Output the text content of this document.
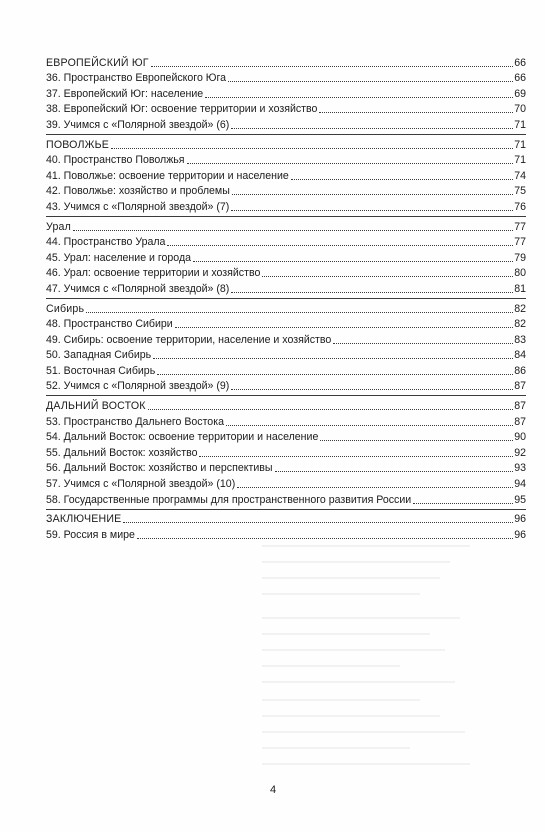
ЕВРОПЕЙСКИЙ ЮГ	66
36. Пространство Европейского Юга	66
37. Европейский Юг: население	69
38. Европейский Юг: освоение территории и хозяйство	70
39. Учимся с «Полярной звездой» (6)	71
ПОВОЛЖЬЕ	71
40. Пространство Поволжья	71
41. Поволжье: освоение территории и население	74
42. Поволжье: хозяйство и проблемы	75
43. Учимся с «Полярной звездой» (7)	76
Урал	77
44. Пространство Урала	77
45. Урал: население и города	79
46. Урал: освоение территории и хозяйство	80
47. Учимся с «Полярной звездой» (8)	81
Сибирь	82
48. Пространство Сибири	82
49. Сибирь: освоение территории, население и хозяйство	83
50. Западная Сибирь	84
51. Восточная Сибирь	86
52. Учимся с «Полярной звездой» (9)	87
ДАЛЬНИЙ ВОСТОК	87
53. Пространство Дальнего Востока	87
54. Дальний Восток: освоение территории и население	90
55. Дальний Восток: хозяйство	92
56. Дальний Восток: хозяйство и перспективы	93
57. Учимся с «Полярной звездой» (10)	94
58. Государственные программы для пространственного развития России	95
ЗАКЛЮЧЕНИЕ	96
59. Россия в мире	96
4
